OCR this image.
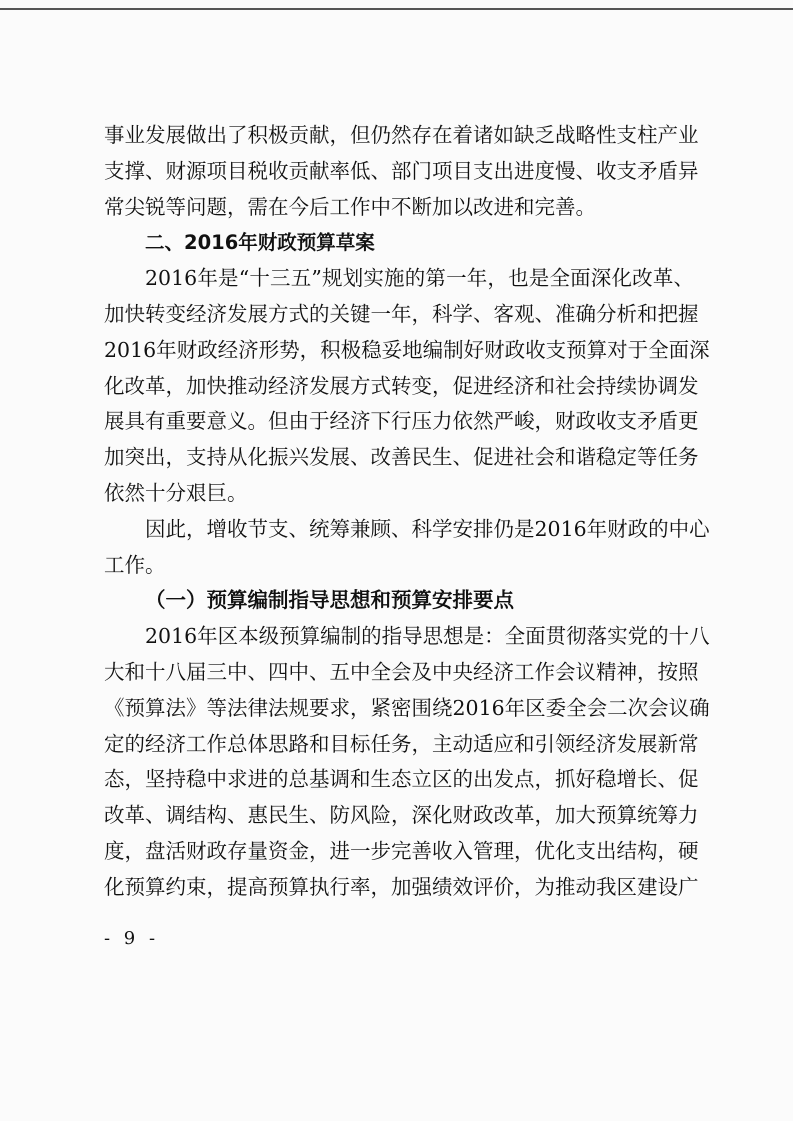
事业发展做出了积极贡献，但仍然存在着诸如缺乏战略性支柱产业
支撑、财源项目税收贡献率低、部门项目支出进度慢、收支矛盾异
常尖锐等问题，需在今后工作中不断加以改进和完善。
二、2016年财政预算草案
2016年是“十三五”规划实施的第一年，也是全面深化改革、
加快转变经济发展方式的关键一年，科学、客观、准确分析和把握
2016年财政经济形势，积极稳妥地编制好财政收支预算对于全面深
化改革，加快推动经济发展方式转变，促进经济和社会持续协调发
展具有重要意义。但由于经济下行压力依然严峻，财政收支矛盾更
加突出，支持从化振兴发展、改善民生、促进社会和谐稳定等任务
依然十分艰巨。
因此，增收节支、统筹兼顾、科学安排仍是2016年财政的中心
工作。
（一）预算编制指导思想和预算安排要点
2016年区本级预算编制的指导思想是：全面贯彻落实党的十八
大和十八届三中、四中、五中全会及中央经济工作会议精神，按照
《预算法》等法律法规要求，紧密围绕2016年区委全会二次会议确
定的经济工作总体思路和目标任务，主动适应和引领经济发展新常
态，坚持稳中求进的总基调和生态立区的出发点，抓好稳增长、促
改革、调结构、惠民生、防风险，深化财政改革，加大预算统筹力
度，盘活财政存量资金，进一步完善收入管理，优化支出结构，硬
化预算约束，提高预算执行率，加强绩效评价，为推动我区建设广
- 9 -
